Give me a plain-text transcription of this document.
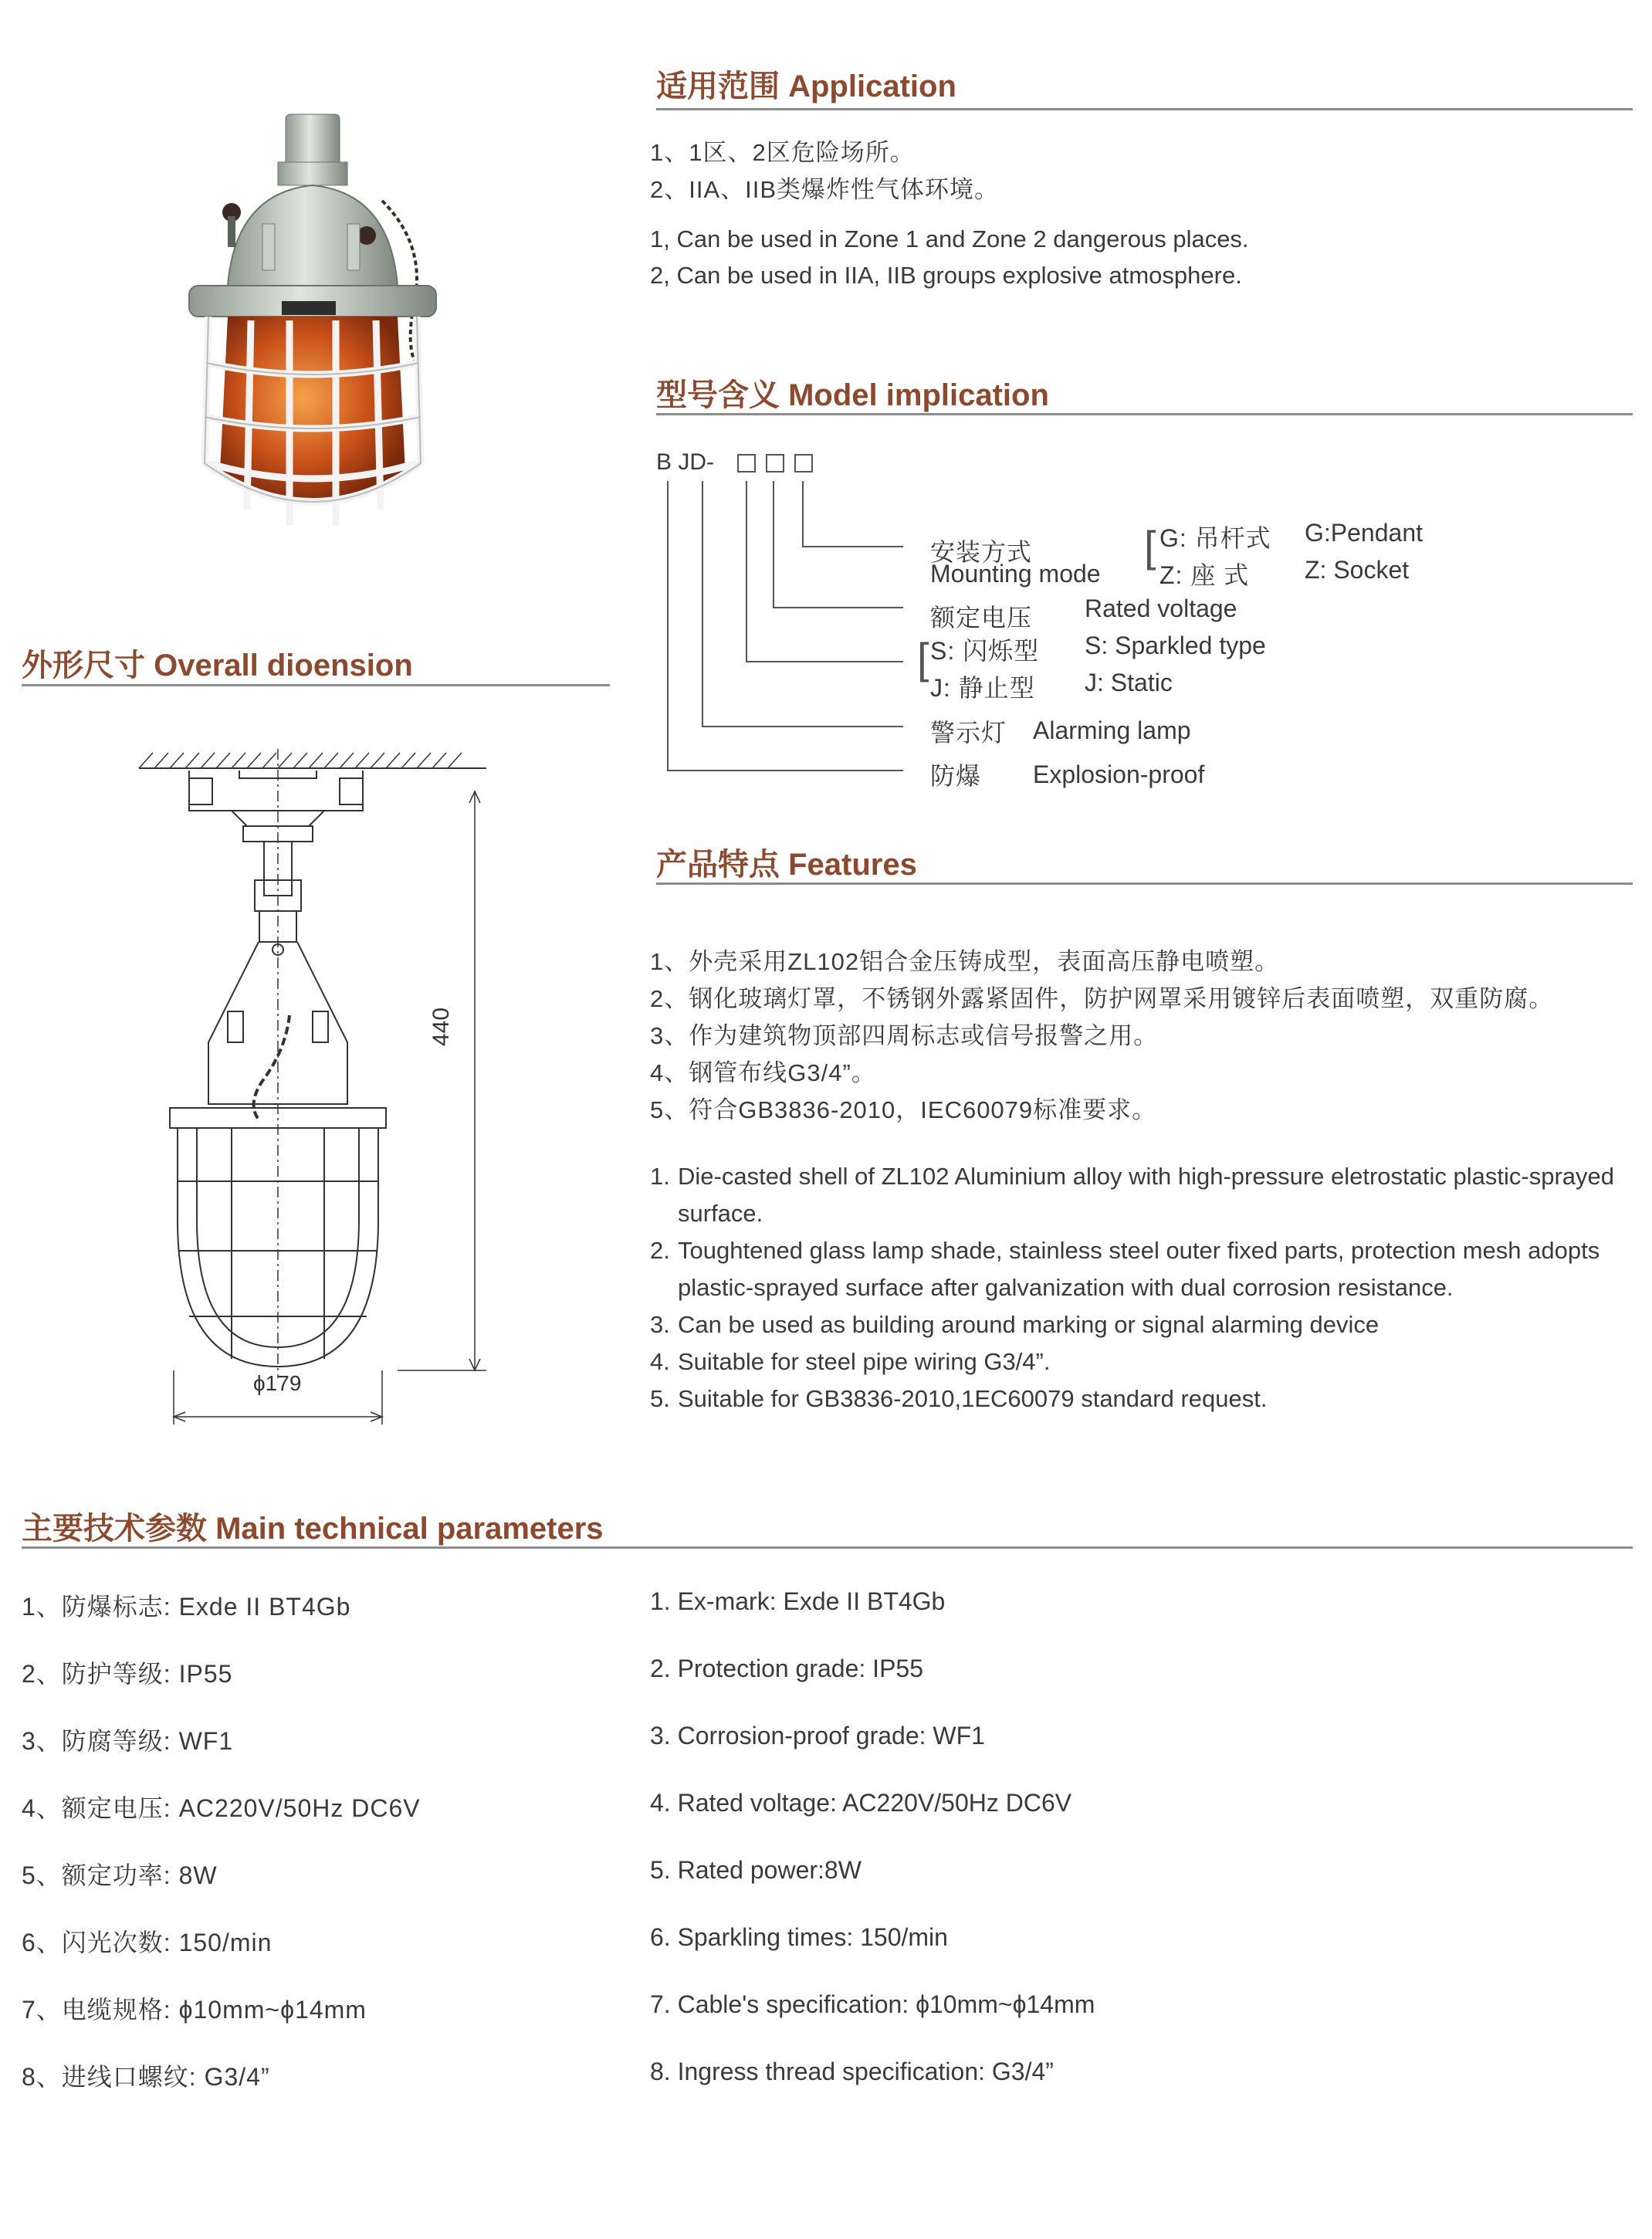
适用范围 Application
1、1区、2区危险场所。
2、IIA、IIB类爆炸性气体环境。
1, Can be used in Zone 1 and Zone 2 dangerous places.
2, Can be used in IIA, IIB groups explosive atmosphere.
型号含义 Model implication
B JD-
安装方式
Mounting mode
[ G: 吊杆式 G:Pendant
Z: 座 式 Z: Socket
额定电压 Rated voltage
[ S: 闪烁型 S: Sparkled type
J: 静止型 J: Static
警示灯 Alarming lamp
防爆 Explosion-proof
外形尺寸 Overall dioension
440
ϕ179
产品特点 Features
1、外壳采用ZL102铝合金压铸成型，表面高压静电喷塑。
2、钢化玻璃灯罩，不锈钢外露紧固件，防护网罩采用镀锌后表面喷塑，双重防腐。
3、作为建筑物顶部四周标志或信号报警之用。
4、钢管布线G3/4”。
5、符合GB3836-2010，IEC60079标准要求。
1. Die-casted shell of ZL102 Aluminium alloy with high-pressure eletrostatic plastic-sprayed surface.
2. Toughtened glass lamp shade, stainless steel outer fixed parts, protection mesh adopts plastic-sprayed surface after galvanization with dual corrosion resistance.
3. Can be used as building around marking or signal alarming device
4. Suitable for steel pipe wiring G3/4”.
5. Suitable for GB3836-2010,1EC60079 standard request.
主要技术参数 Main technical parameters
1、防爆标志: Exde II BT4Gb
2、防护等级: IP55
3、防腐等级: WF1
4、额定电压: AC220V/50Hz DC6V
5、额定功率: 8W
6、闪光次数: 150/min
7、电缆规格: ϕ10mm~ϕ14mm
8、进线口螺纹: G3/4”
1. Ex-mark: Exde II BT4Gb
2. Protection grade: IP55
3. Corrosion-proof grade: WF1
4. Rated voltage: AC220V/50Hz DC6V
5. Rated power:8W
6. Sparkling times: 150/min
7. Cable's specification: ϕ10mm~ϕ14mm
8. Ingress thread specification: G3/4”
